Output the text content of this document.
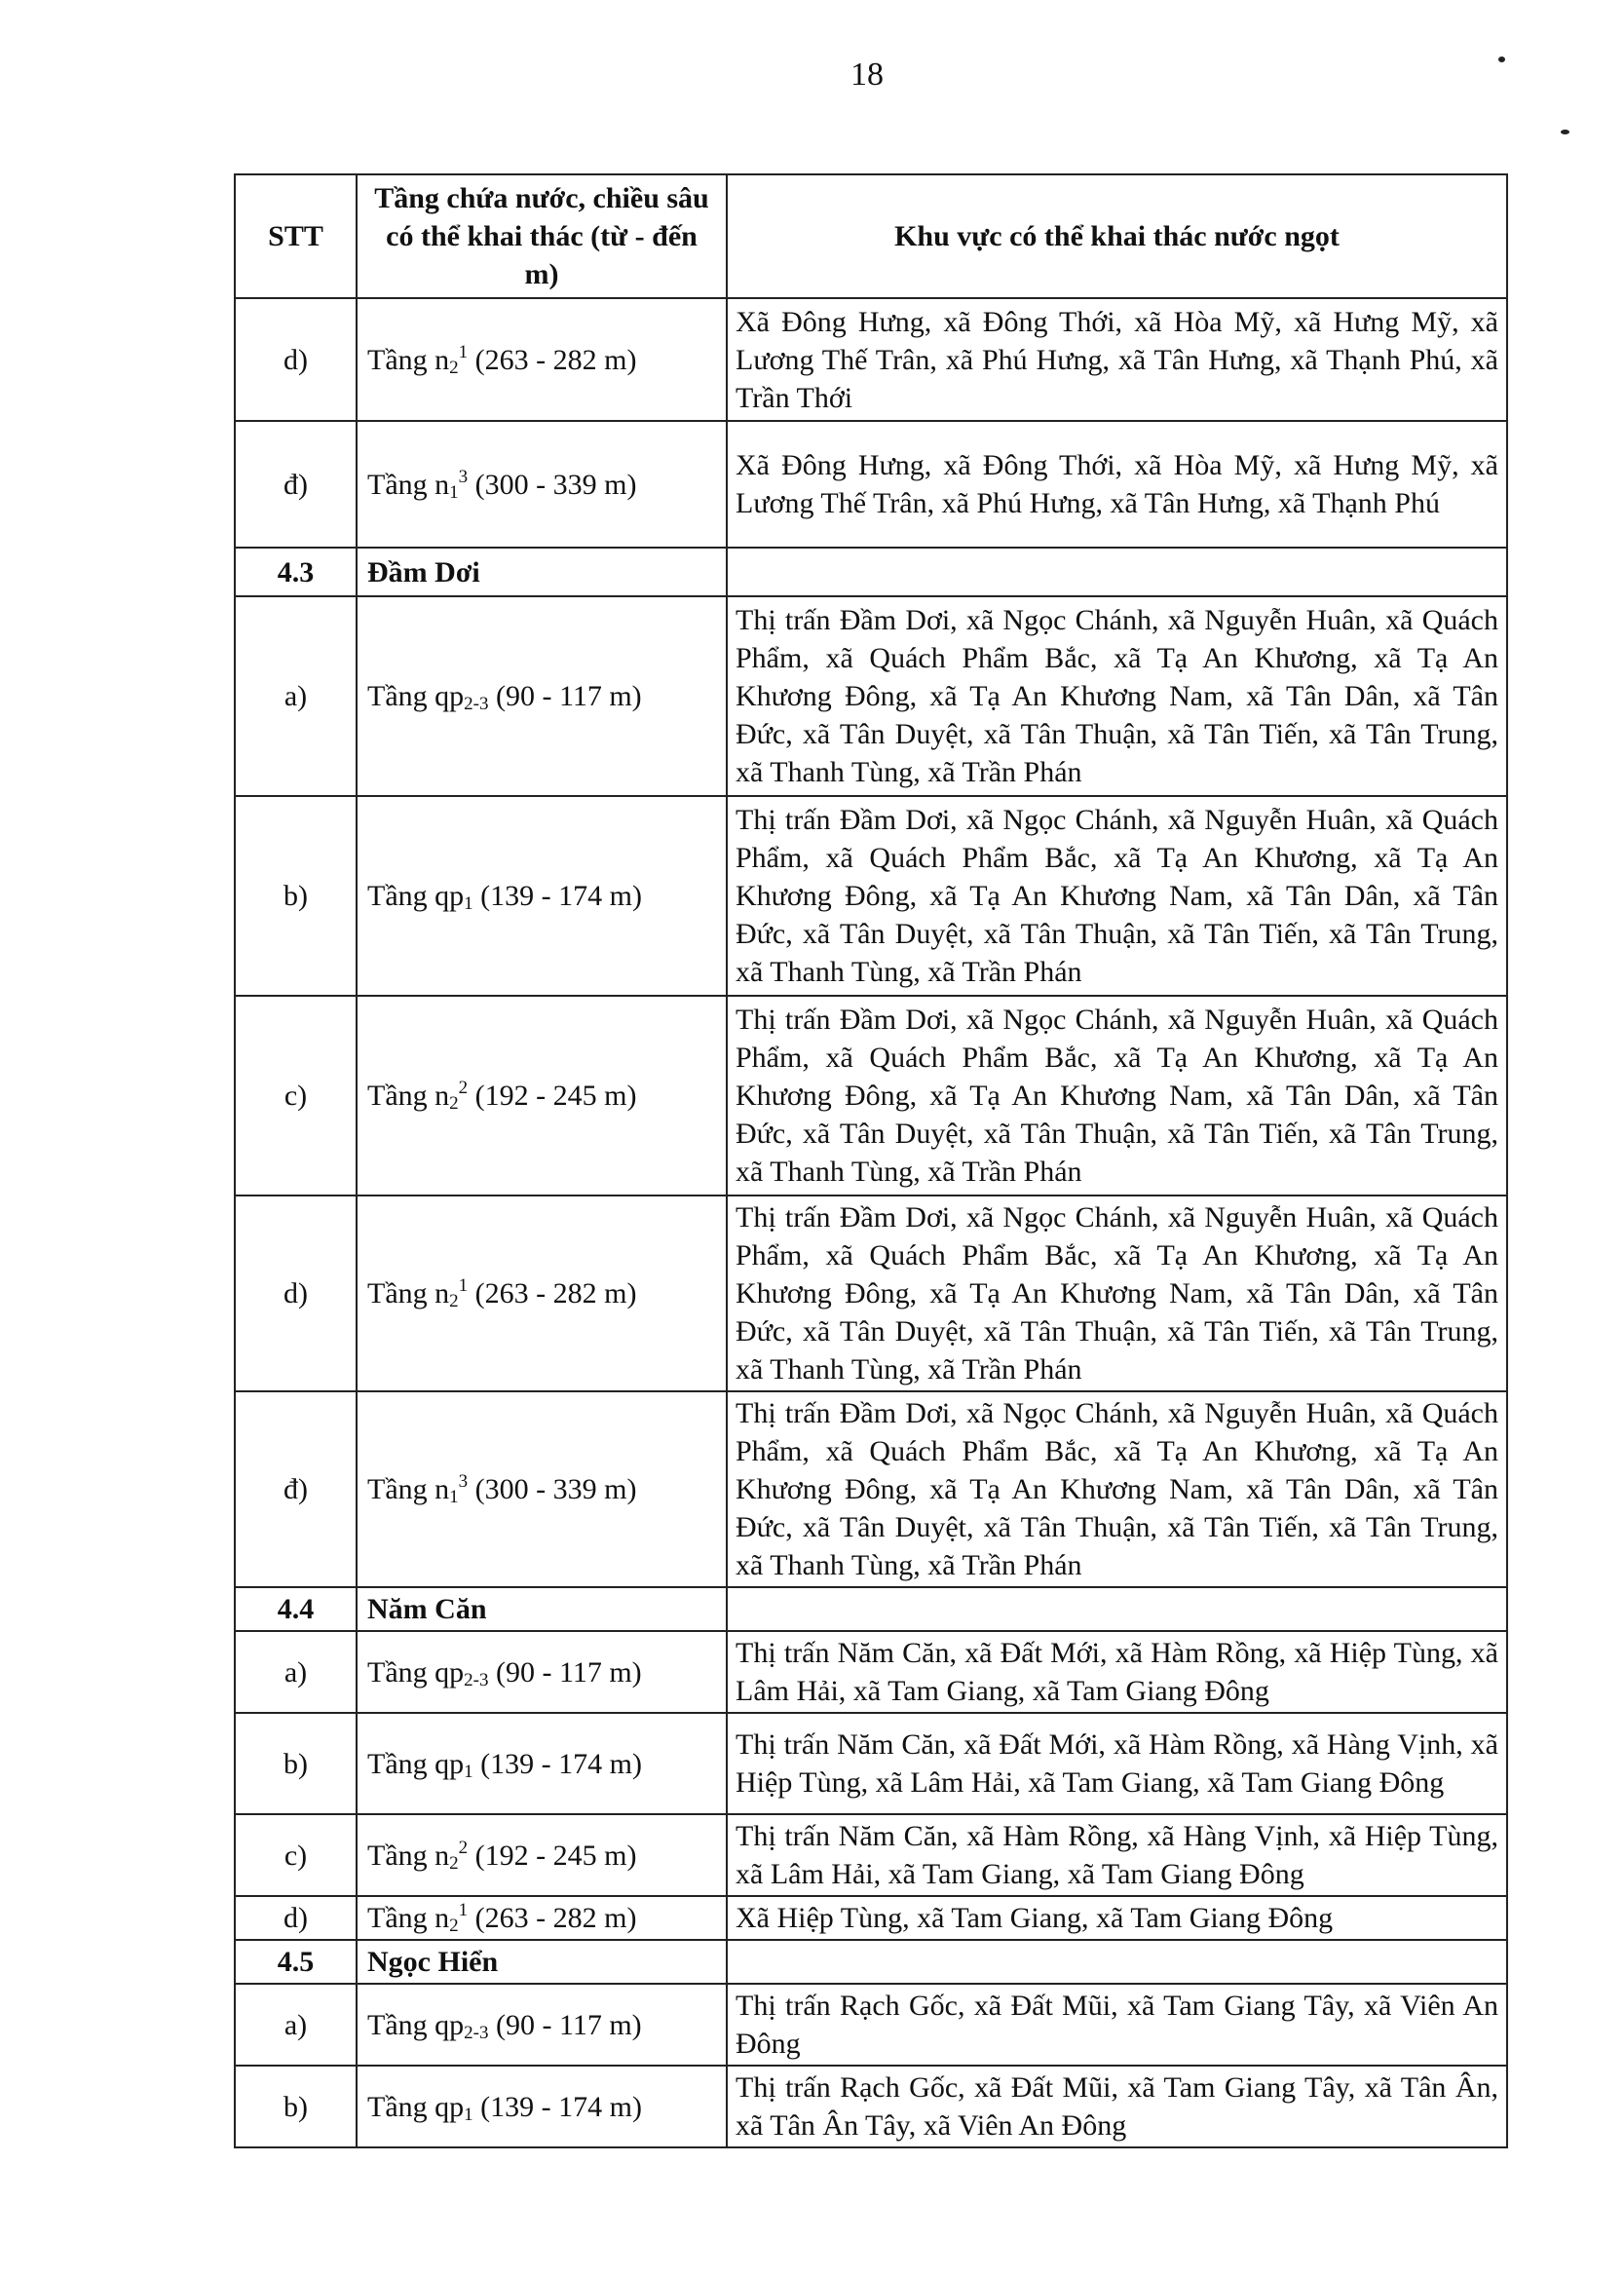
18
STT	Tầng chứa nước, chiều sâu có thể khai thác (từ - đến m)	Khu vực có thể khai thác nước ngọt
d)	Tầng $n_2^1$ (263 - 282 m)	Xã Đông Hưng, xã Đông Thới, xã Hòa Mỹ, xã Hưng Mỹ, xã Lương Thế Trân, xã Phú Hưng, xã Tân Hưng, xã Thạnh Phú, xã Trần Thới
đ)	Tầng $n_1^3$ (300 - 339 m)	Xã Đông Hưng, xã Đông Thới, xã Hòa Mỹ, xã Hưng Mỹ, xã Lương Thế Trân, xã Phú Hưng, xã Tân Hưng, xã Thạnh Phú
4.3	Đầm Dơi	
a)	Tầng $qp_{2-3}$ (90 - 117 m)	Thị trấn Đầm Dơi, xã Ngọc Chánh, xã Nguyễn Huân, xã Quách Phẩm, xã Quách Phẩm Bắc, xã Tạ An Khương, xã Tạ An Khương Đông, xã Tạ An Khương Nam, xã Tân Dân, xã Tân Đức, xã Tân Duyệt, xã Tân Thuận, xã Tân Tiến, xã Tân Trung, xã Thanh Tùng, xã Trần Phán
b)	Tầng $qp_1$ (139 - 174 m)	Thị trấn Đầm Dơi, xã Ngọc Chánh, xã Nguyễn Huân, xã Quách Phẩm, xã Quách Phẩm Bắc, xã Tạ An Khương, xã Tạ An Khương Đông, xã Tạ An Khương Nam, xã Tân Dân, xã Tân Đức, xã Tân Duyệt, xã Tân Thuận, xã Tân Tiến, xã Tân Trung, xã Thanh Tùng, xã Trần Phán
c)	Tầng $n_2^2$ (192 - 245 m)	Thị trấn Đầm Dơi, xã Ngọc Chánh, xã Nguyễn Huân, xã Quách Phẩm, xã Quách Phẩm Bắc, xã Tạ An Khương, xã Tạ An Khương Đông, xã Tạ An Khương Nam, xã Tân Dân, xã Tân Đức, xã Tân Duyệt, xã Tân Thuận, xã Tân Tiến, xã Tân Trung, xã Thanh Tùng, xã Trần Phán
d)	Tầng $n_2^1$ (263 - 282 m)	Thị trấn Đầm Dơi, xã Ngọc Chánh, xã Nguyễn Huân, xã Quách Phẩm, xã Quách Phẩm Bắc, xã Tạ An Khương, xã Tạ An Khương Đông, xã Tạ An Khương Nam, xã Tân Dân, xã Tân Đức, xã Tân Duyệt, xã Tân Thuận, xã Tân Tiến, xã Tân Trung, xã Thanh Tùng, xã Trần Phán
đ)	Tầng $n_1^3$ (300 - 339 m)	Thị trấn Đầm Dơi, xã Ngọc Chánh, xã Nguyễn Huân, xã Quách Phẩm, xã Quách Phẩm Bắc, xã Tạ An Khương, xã Tạ An Khương Đông, xã Tạ An Khương Nam, xã Tân Dân, xã Tân Đức, xã Tân Duyệt, xã Tân Thuận, xã Tân Tiến, xã Tân Trung, xã Thanh Tùng, xã Trần Phán
4.4	Năm Căn	
a)	Tầng $qp_{2-3}$ (90 - 117 m)	Thị trấn Năm Căn, xã Đất Mới, xã Hàm Rồng, xã Hiệp Tùng, xã Lâm Hải, xã Tam Giang, xã Tam Giang Đông
b)	Tầng $qp_1$ (139 - 174 m)	Thị trấn Năm Căn, xã Đất Mới, xã Hàm Rồng, xã Hàng Vịnh, xã Hiệp Tùng, xã Lâm Hải, xã Tam Giang, xã Tam Giang Đông
c)	Tầng $n_2^2$ (192 - 245 m)	Thị trấn Năm Căn, xã Hàm Rồng, xã Hàng Vịnh, xã Hiệp Tùng, xã Lâm Hải, xã Tam Giang, xã Tam Giang Đông
d)	Tầng $n_2^1$ (263 - 282 m)	Xã Hiệp Tùng, xã Tam Giang, xã Tam Giang Đông
4.5	Ngọc Hiển	
a)	Tầng $qp_{2-3}$ (90 - 117 m)	Thị trấn Rạch Gốc, xã Đất Mũi, xã Tam Giang Tây, xã Viên An Đông
b)	Tầng $qp_1$ (139 - 174 m)	Thị trấn Rạch Gốc, xã Đất Mũi, xã Tam Giang Tây, xã Tân Ân, xã Tân Ân Tây, xã Viên An Đông
